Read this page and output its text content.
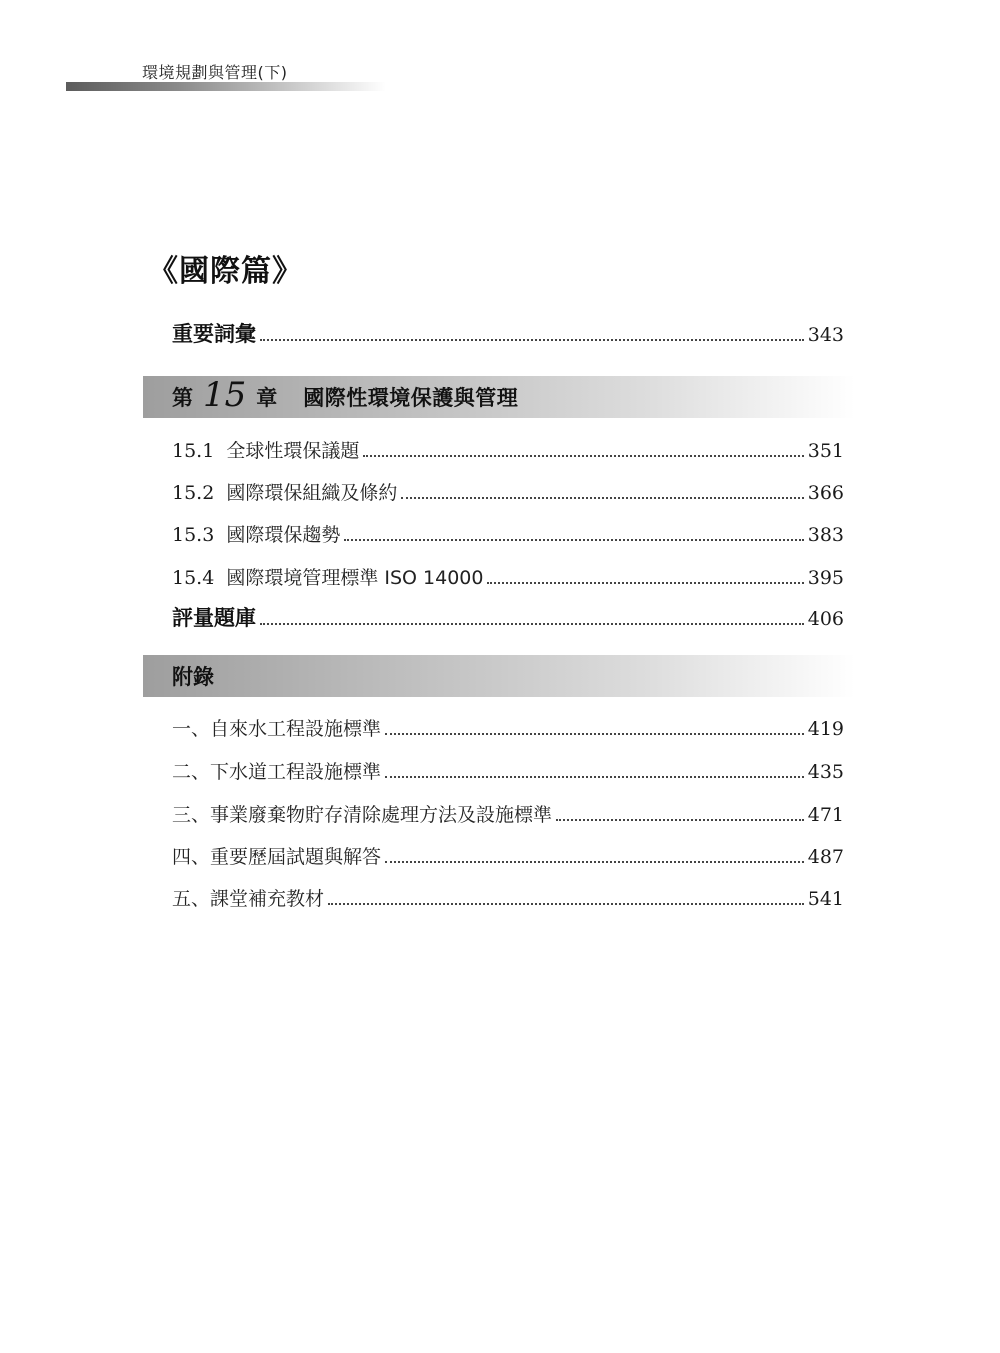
環境規劃與管理(下)
《國際篇》
重要詞彙	343
第 15 章 國際性環境保護與管理
15.1 全球性環保議題	351
15.2 國際環保組織及條約	366
15.3 國際環保趨勢	383
15.4 國際環境管理標準 ISO 14000	395
評量題庫	406
附錄
一、自來水工程設施標準	419
二、下水道工程設施標準	435
三、事業廢棄物貯存清除處理方法及設施標準	471
四、重要歷屆試題與解答	487
五、課堂補充教材	541
